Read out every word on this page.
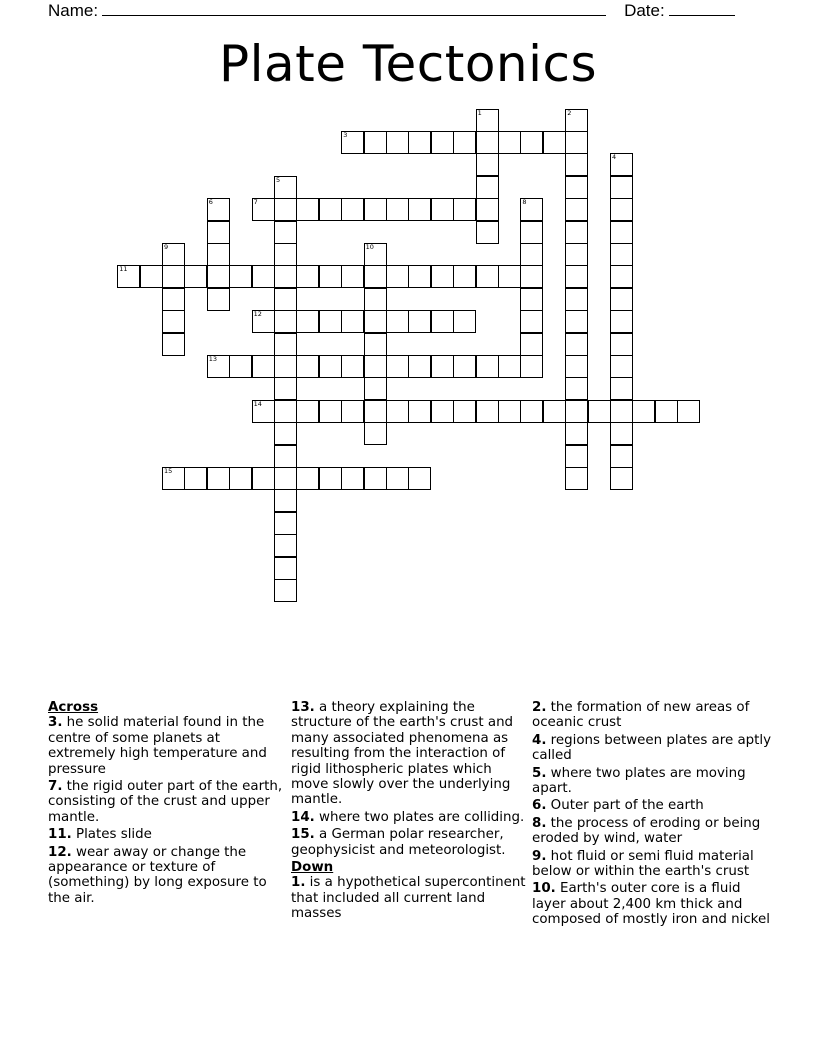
Name:	Date:
Plate Tectonics
1	2
3
4
5
6	7	8
9	10
11
12
13
14
15
Across
3. he solid material found in the centre of some planets at extremely high temperature and pressure
7. the rigid outer part of the earth, consisting of the crust and upper mantle.
11. Plates slide
12. wear away or change the appearance or texture of (something) by long exposure to the air.
13. a theory explaining the structure of the earth's crust and many associated phenomena as resulting from the interaction of rigid lithospheric plates which move slowly over the underlying mantle.
14. where two plates are colliding.
15. a German polar researcher, geophysicist and meteorologist.
Down
1. is a hypothetical supercontinent that included all current land masses
2. the formation of new areas of oceanic crust
4. regions between plates are aptly called
5. where two plates are moving apart.
6. Outer part of the earth
8. the process of eroding or being eroded by wind, water
9. hot fluid or semi fluid material below or within the earth's crust
10. Earth's outer core is a fluid layer about 2,400 km thick and composed of mostly iron and nickel
